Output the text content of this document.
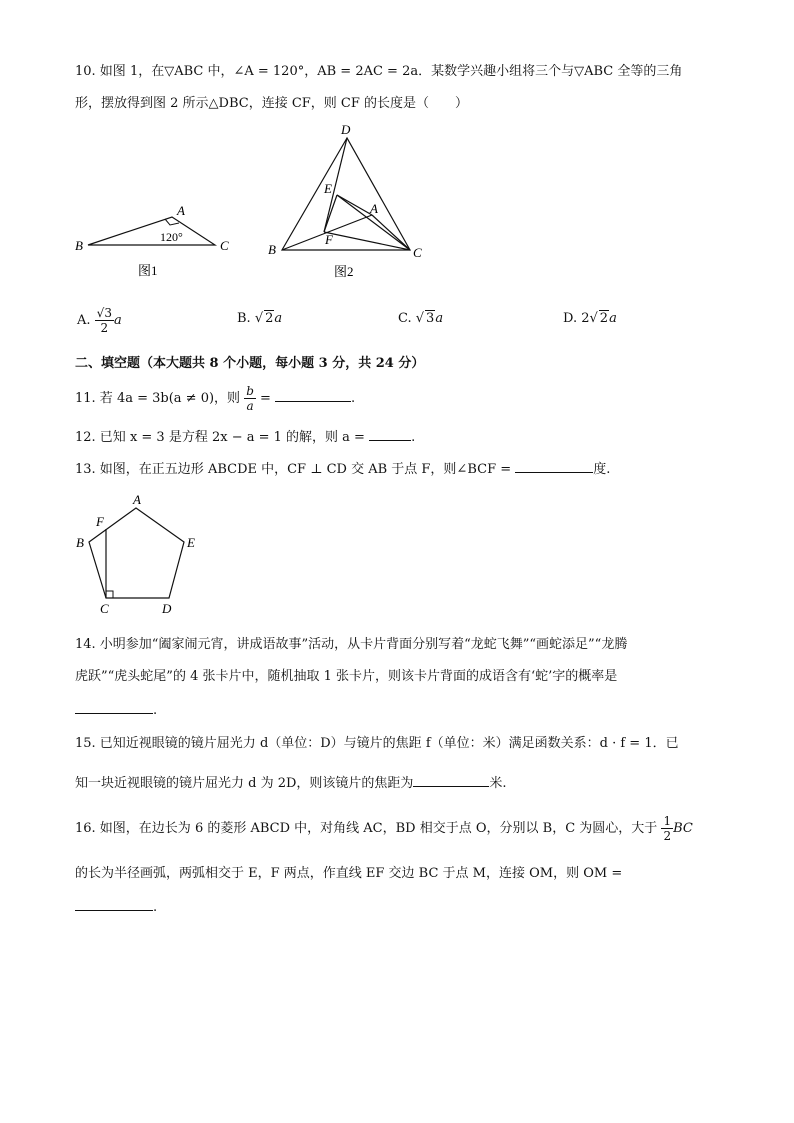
10. 如图 1，在▽ABC 中，∠A = 120°，AB = 2AC = 2a．某数学兴趣小组将三个与▽ABC 全等的三角
形，摆放得到图 2 所示△DBC，连接 CF，则 CF 的长度是（　　）
A
B	C
120°
图1
D
E
A
F
B	C
图2
A. $\frac{√3}{2}$ a	B. √ 2a	C. √ 3a	D. 2√ 2a
二、填空题（本大题共 8 个小题，每小题 3 分，共 24 分）
11. 若 4a = 3b(a ≠ 0)，则 $\frac{b}{a}$ =	.
12. 已知 x = 3 是方程 2x − a = 1 的解，则 a =	.
13. 如图，在正五边形 ABCDE 中，CF ⊥ CD 交 AB 于点 F，则∠BCF =	度.
A
F
B	E
C	D
14. 小明参加“阖家闹元宵，讲成语故事”活动，从卡片背面分别写着“龙蛇飞舞”“画蛇添足”“龙腾
虎跃”“虎头蛇尾”的 4 张卡片中，随机抽取 1 张卡片，则该卡片背面的成语含有‘蛇’字的概率是
.
15. 已知近视眼镜的镜片屈光力 d（单位：D）与镜片的焦距 f（单位：米）满足函数关系：d · f = 1．已
知一块近视眼镜的镜片屈光力 d 为 2D，则该镜片的焦距为	米.
16. 如图，在边长为 6 的菱形 ABCD 中，对角线 AC，BD 相交于点 O，分别以 B，C 为圆心，大于 $\frac{1}{2}$ BC
的长为半径画弧，两弧相交于 E，F 两点，作直线 EF 交边 BC 于点 M，连接 OM，则 OM =
.
